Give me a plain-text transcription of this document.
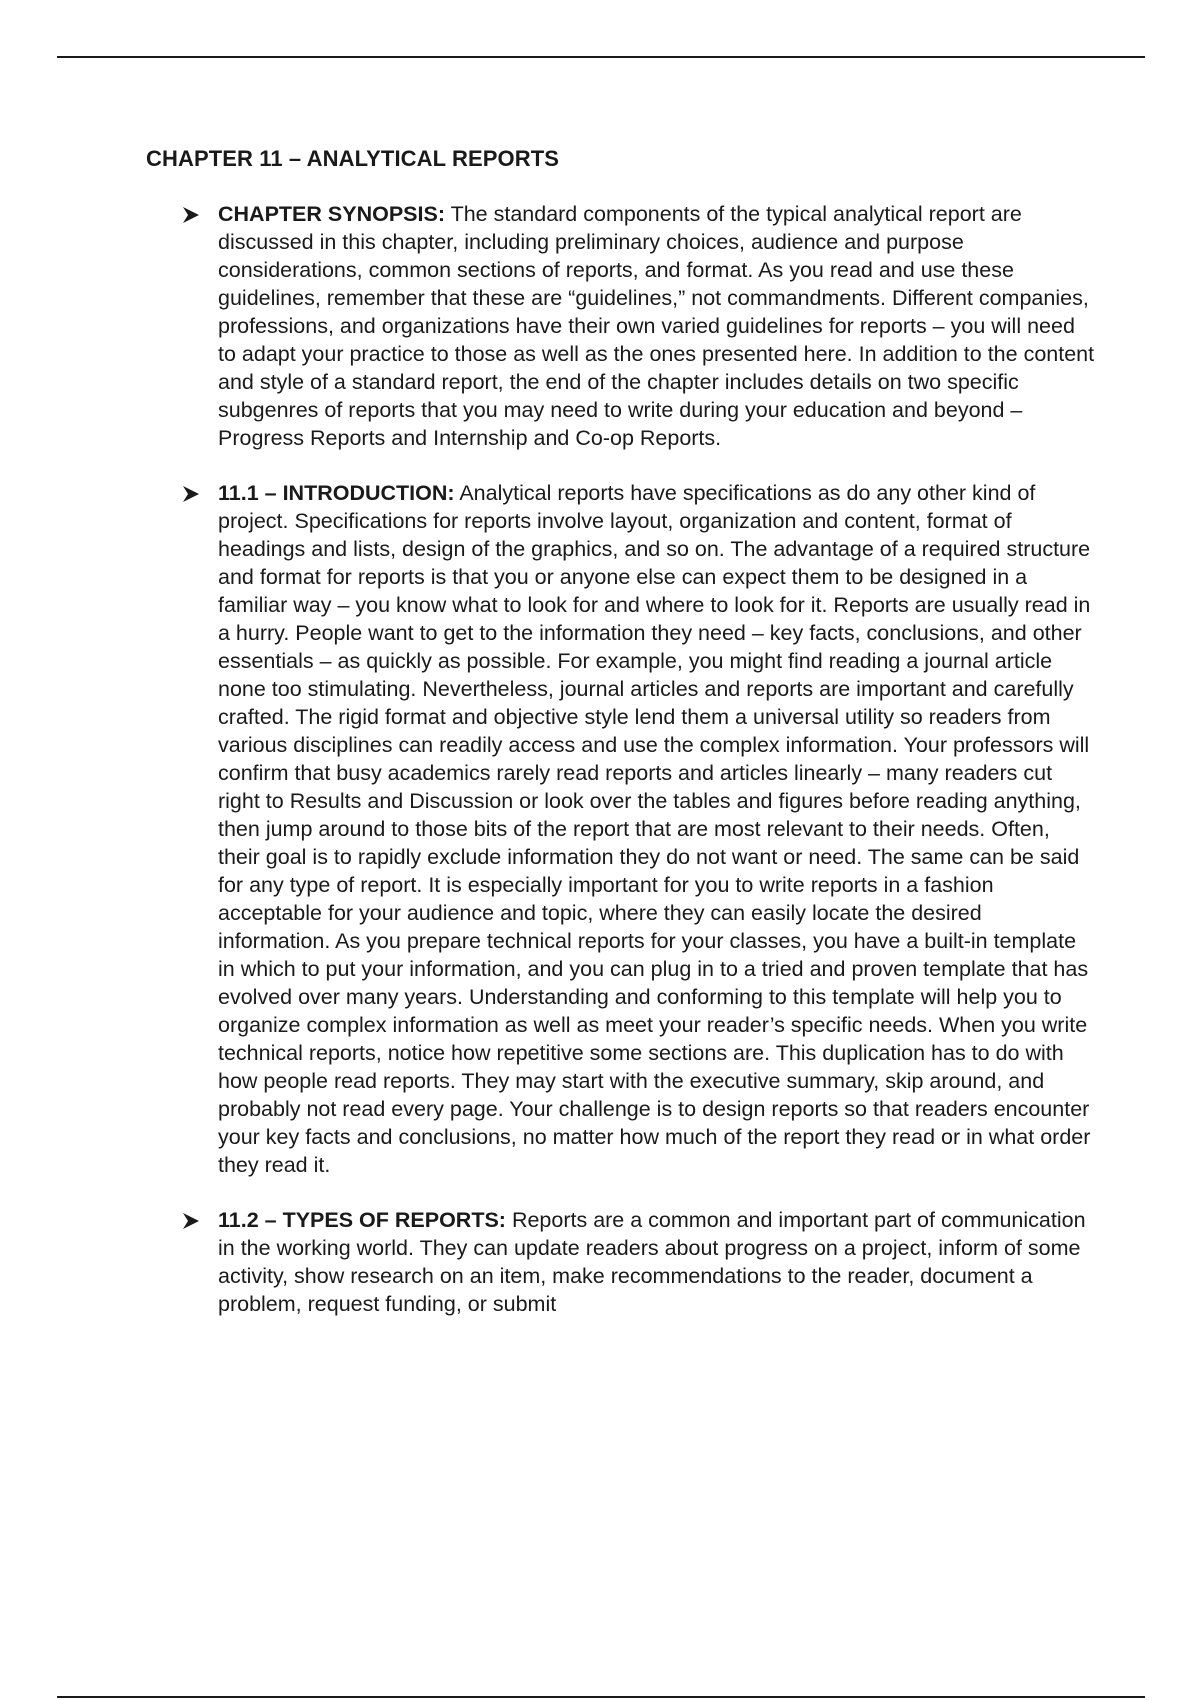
CHAPTER 11 – ANALYTICAL REPORTS
CHAPTER SYNOPSIS: The standard components of the typical analytical report are discussed in this chapter, including preliminary choices, audience and purpose considerations, common sections of reports, and format. As you read and use these guidelines, remember that these are “guidelines,” not commandments. Different companies, professions, and organizations have their own varied guidelines for reports – you will need to adapt your practice to those as well as the ones presented here. In addition to the content and style of a standard report, the end of the chapter includes details on two specific subgenres of reports that you may need to write during your education and beyond – Progress Reports and Internship and Co-op Reports.
11.1 – INTRODUCTION: Analytical reports have specifications as do any other kind of project. Specifications for reports involve layout, organization and content, format of headings and lists, design of the graphics, and so on. The advantage of a required structure and format for reports is that you or anyone else can expect them to be designed in a familiar way – you know what to look for and where to look for it. Reports are usually read in a hurry. People want to get to the information they need – key facts, conclusions, and other essentials – as quickly as possible. For example, you might find reading a journal article none too stimulating. Nevertheless, journal articles and reports are important and carefully crafted. The rigid format and objective style lend them a universal utility so readers from various disciplines can readily access and use the complex information. Your professors will confirm that busy academics rarely read reports and articles linearly – many readers cut right to Results and Discussion or look over the tables and figures before reading anything, then jump around to those bits of the report that are most relevant to their needs. Often, their goal is to rapidly exclude information they do not want or need. The same can be said for any type of report. It is especially important for you to write reports in a fashion acceptable for your audience and topic, where they can easily locate the desired information. As you prepare technical reports for your classes, you have a built-in template in which to put your information, and you can plug in to a tried and proven template that has evolved over many years. Understanding and conforming to this template will help you to organize complex information as well as meet your reader’s specific needs. When you write technical reports, notice how repetitive some sections are. This duplication has to do with how people read reports. They may start with the executive summary, skip around, and probably not read every page. Your challenge is to design reports so that readers encounter your key facts and conclusions, no matter how much of the report they read or in what order they read it.
11.2 – TYPES OF REPORTS: Reports are a common and important part of communication in the working world. They can update readers about progress on a project, inform of some activity, show research on an item, make recommendations to the reader, document a problem, request funding, or submit
